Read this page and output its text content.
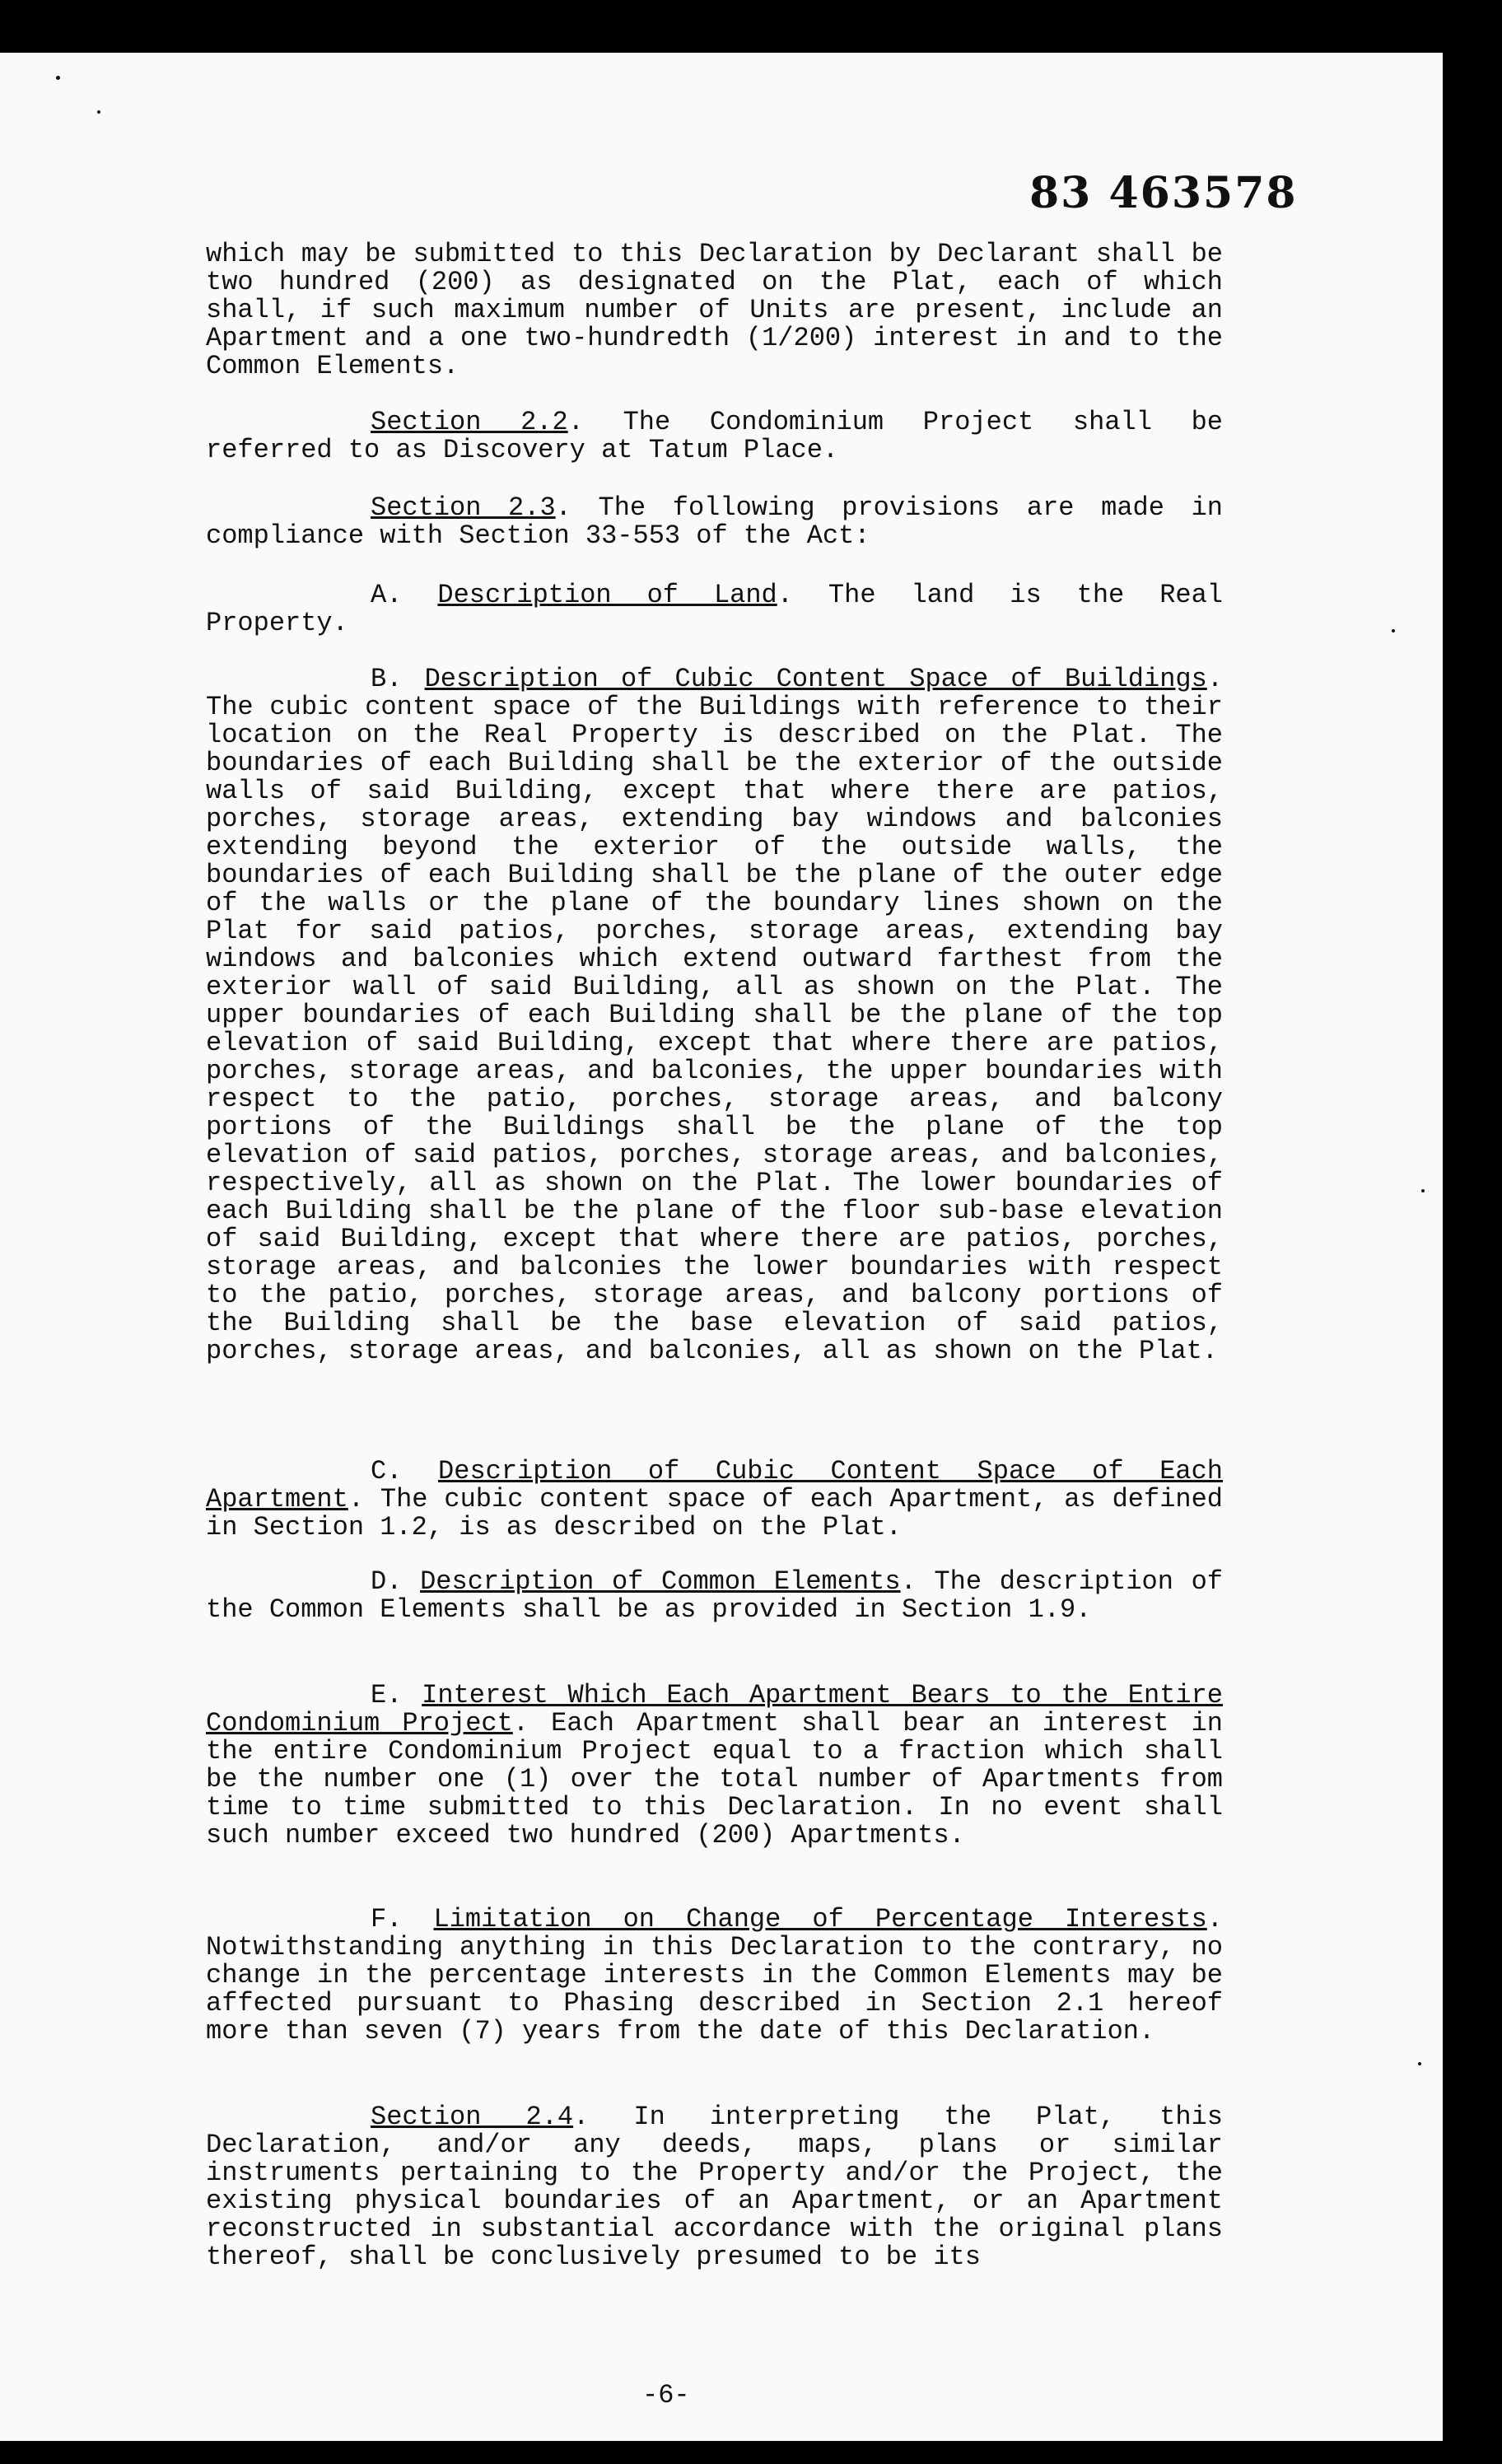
83 463578

which may be submitted to this Declaration by Declarant shall be two hundred (200) as designated on the Plat, each of which shall, if such maximum number of Units are present, include an Apartment and a one two-hundredth (1/200) interest in and to the Common Elements.

Section 2.2. The Condominium Project shall be referred to as Discovery at Tatum Place.

Section 2.3. The following provisions are made in compliance with Section 33-553 of the Act:

A. Description of Land. The land is the Real Property.

B. Description of Cubic Content Space of Buildings. The cubic content space of the Buildings with reference to their location on the Real Property is described on the Plat. The boundaries of each Building shall be the exterior of the outside walls of said Building, except that where there are patios, porches, storage areas, extending bay windows and balconies extending beyond the exterior of the outside walls, the boundaries of each Building shall be the plane of the outer edge of the walls or the plane of the boundary lines shown on the Plat for said patios, porches, storage areas, extending bay windows and balconies which extend outward farthest from the exterior wall of said Building, all as shown on the Plat. The upper boundaries of each Building shall be the plane of the top elevation of said Building, except that where there are patios, porches, storage areas, and balconies, the upper boundaries with respect to the patio, porches, storage areas, and balcony portions of the Buildings shall be the plane of the top elevation of said patios, porches, storage areas, and balconies, respectively, all as shown on the Plat. The lower boundaries of each Building shall be the plane of the floor sub-base elevation of said Building, except that where there are patios, porches, storage areas, and balconies the lower boundaries with respect to the patio, porches, storage areas, and balcony portions of the Building shall be the base elevation of said patios, porches, storage areas, and balconies, all as shown on the Plat.

C. Description of Cubic Content Space of Each Apartment. The cubic content space of each Apartment, as defined in Section 1.2, is as described on the Plat.

D. Description of Common Elements. The description of the Common Elements shall be as provided in Section 1.9.

E. Interest Which Each Apartment Bears to the Entire Condominium Project. Each Apartment shall bear an interest in the entire Condominium Project equal to a fraction which shall be the number one (1) over the total number of Apartments from time to time submitted to this Declaration. In no event shall such number exceed two hundred (200) Apartments.

F. Limitation on Change of Percentage Interests. Notwithstanding anything in this Declaration to the contrary, no change in the percentage interests in the Common Elements may be affected pursuant to Phasing described in Section 2.1 hereof more than seven (7) years from the date of this Declaration.

Section 2.4. In interpreting the Plat, this Declaration, and/or any deeds, maps, plans or similar instruments pertaining to the Property and/or the Project, the existing physical boundaries of an Apartment, or an Apartment reconstructed in substantial accordance with the original plans thereof, shall be conclusively presumed to be its

-6-
